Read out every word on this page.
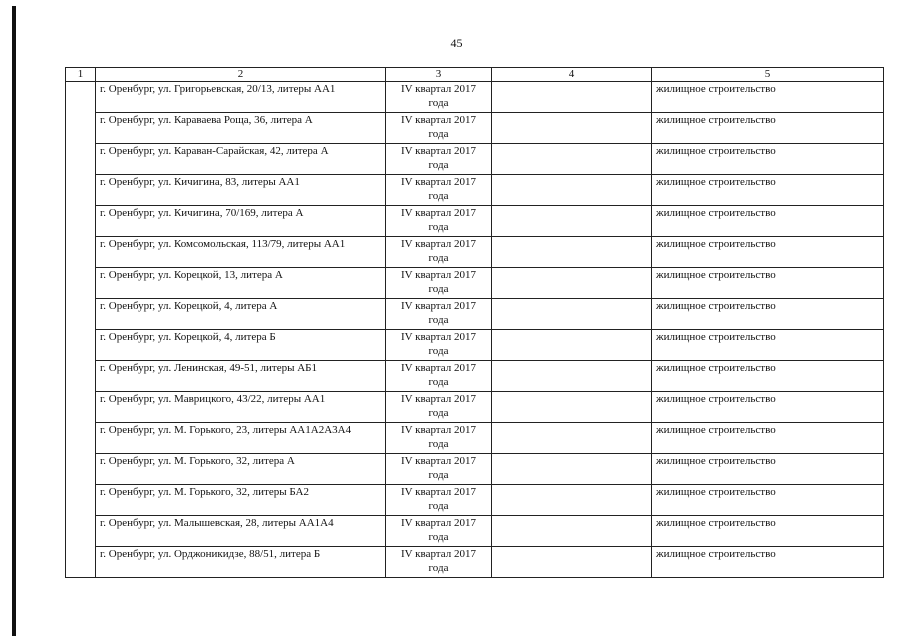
45
1	2	3	4	5
	г. Оренбург, ул. Григорьевская, 20/13, литеры АА1	IV квартал 2017 года		жилищное строительство
	г. Оренбург, ул. Караваева Роща, 36, литера А	IV квартал 2017 года		жилищное строительство
	г. Оренбург, ул. Караван-Сарайская, 42, литера А	IV квартал 2017 года		жилищное строительство
	г. Оренбург, ул. Кичигина, 83, литеры АА1	IV квартал 2017 года		жилищное строительство
	г. Оренбург, ул. Кичигина, 70/169, литера А	IV квартал 2017 года		жилищное строительство
	г. Оренбург, ул. Комсомольская, 113/79, литеры АА1	IV квартал 2017 года		жилищное строительство
	г. Оренбург, ул. Корецкой, 13, литера А	IV квартал 2017 года		жилищное строительство
	г. Оренбург, ул. Корецкой, 4, литера А	IV квартал 2017 года		жилищное строительство
	г. Оренбург, ул. Корецкой, 4, литера Б	IV квартал 2017 года		жилищное строительство
	г. Оренбург, ул. Ленинская, 49-51, литеры АБ1	IV квартал 2017 года		жилищное строительство
	г. Оренбург, ул. Маврицкого, 43/22, литеры АА1	IV квартал 2017 года		жилищное строительство
	г. Оренбург, ул. М. Горького, 23, литеры АА1А2А3А4	IV квартал 2017 года		жилищное строительство
	г. Оренбург, ул. М. Горького, 32, литера А	IV квартал 2017 года		жилищное строительство
	г. Оренбург, ул. М. Горького, 32, литеры БА2	IV квартал 2017 года		жилищное строительство
	г. Оренбург, ул. Малышевская, 28, литеры АА1А4	IV квартал 2017 года		жилищное строительство
	г. Оренбург, ул. Орджоникидзе, 88/51, литера Б	IV квартал 2017 года		жилищное строительство
